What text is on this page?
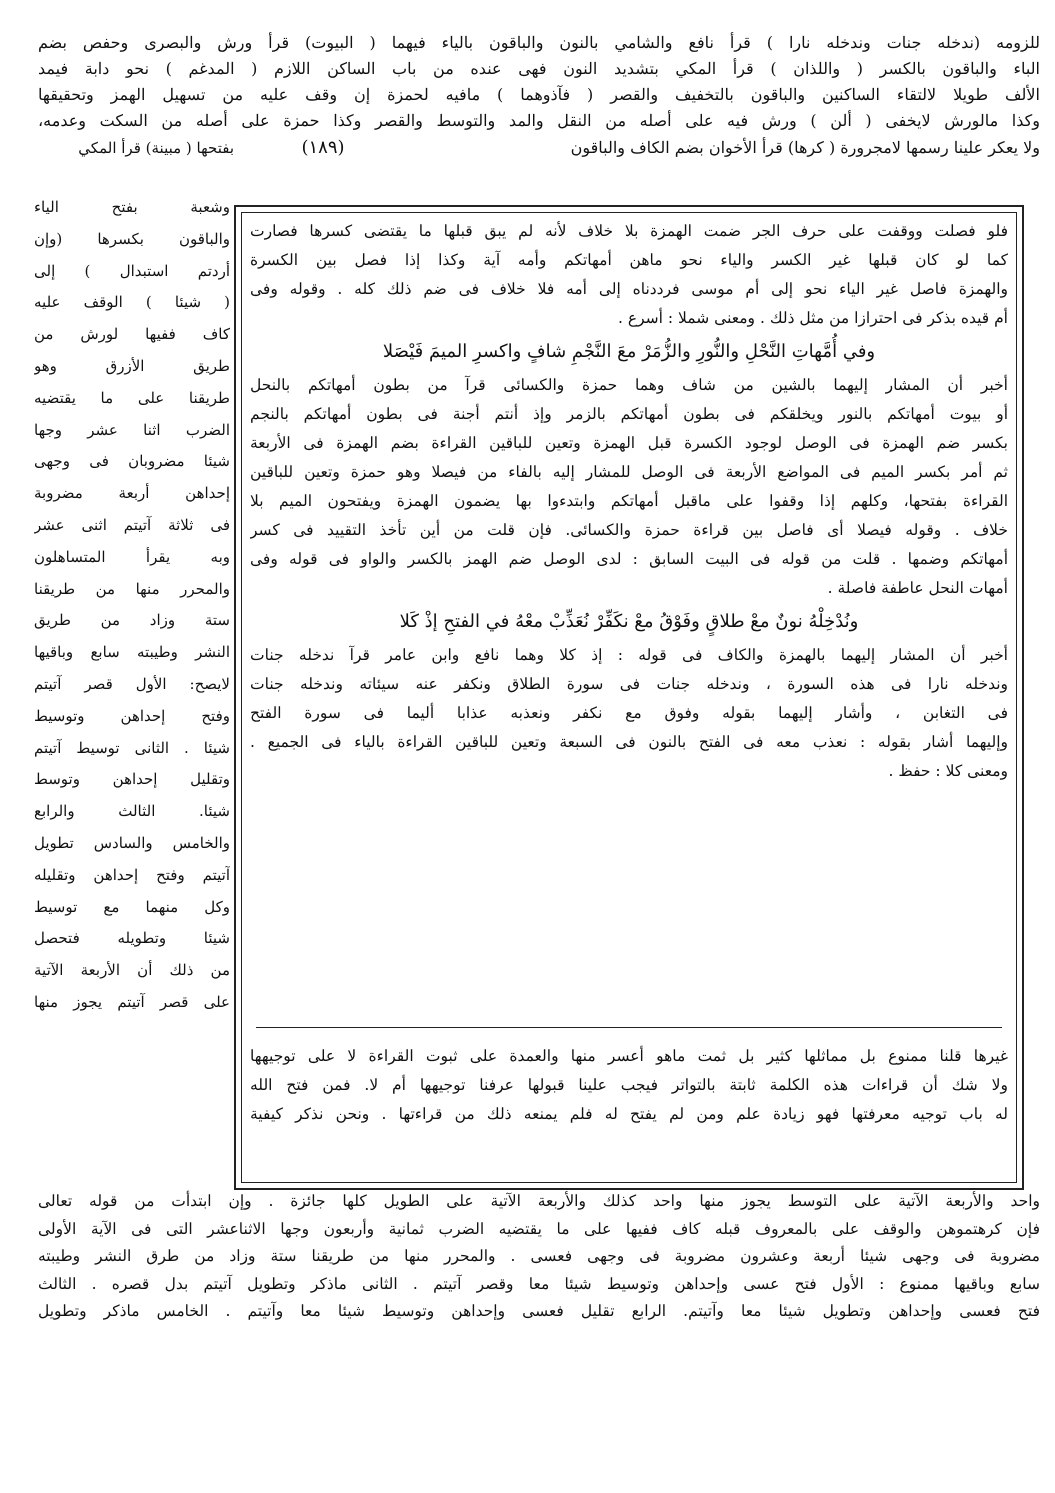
للزومه (ندخله جنات وندخله نارا ) قرأ نافع والشامي بالنون والباقون بالياء فيهما ( البيوت) قرأ ورش والبصرى وحفص بضم
الباء والباقون بالكسر ( واللذان ) قرأ المكي بتشديد النون فهى عنده من باب الساكن اللازم ( المدغم ) نحو دابة فيمد
الألف طويلا لالتقاء الساكنين والباقون بالتخفيف والقصر ( فآذوهما ) مافيه لحمزة إن وقف عليه من تسهيل الهمز وتحقيقها
وكذا مالورش لايخفى ( ألن ) ورش فيه على أصله من النقل والمد والتوسط والقصر وكذا حمزة على أصله من السكت وعدمه،
ولا يعكر علينا رسمها لامجرورة ( كرها) قرأ الأخوان بضم الكاف والباقون
(١٨٩)
بفتحها ( مبينة) قرأ المكي
وشعبة بفتح الياء
والباقون بكسرها (وإن
أردتم استبدال ) إلى
( شيئا ) الوقف عليه
كاف ففيها لورش من
طريق الأزرق وهو
طريقنا على ما يقتضيه
الضرب اثنا عشر وجها
شيئا مضروبان فى وجهى
إحداهن أربعة مضروبة
فى ثلاثة آتيتم اثنى عشر
وبه يقرأ المتساهلون
والمحرر منها من طريقنا
ستة وزاد من طريق
النشر وطيبته سابع وباقيها
لايصح: الأول قصر آتيتم
وفتح إحداهن وتوسيط
شيئا . الثانى توسيط آتيتم
وتقليل إحداهن وتوسط
شيئا. الثالث والرابع
والخامس والسادس تطويل
آتيتم وفتح إحداهن وتقليله
وكل منهما مع توسيط
شيئا وتطويله فتحصل
من ذلك أن الأربعة الآتية
على قصر آتيتم يجوز منها
فلو فصلت ووقفت على حرف الجر ضمت الهمزة بلا خلاف لأنه لم يبق قبلها ما يقتضى كسرها فصارت
كما لو كان قبلها غير الكسر والياء نحو ماهن أمهاتكم وأمه آية وكذا إذا فصل بين الكسرة
والهمزة فاصل غير الياء نحو إلى أم موسى فرددناه إلى أمه فلا خلاف فى ضم ذلك كله . وقوله وفى
أم قيده بذكر فى احترازا من مثل ذلك . ومعنى شملا : أسرع .
وفي أُمَّهاتِ النَّحْلِ والنُّورِ والزُّمَرْ معَ النَّجْمِ شافٍ واكسرِ الميمَ فَيْصَلا
أخبر أن المشار إليهما بالشين من شاف وهما حمزة والكسائى قرآ من بطون أمهاتكم بالنحل
أو بيوت أمهاتكم بالنور ويخلقكم فى بطون أمهاتكم بالزمر وإذ أنتم أجنة فى بطون أمهاتكم بالنجم
بكسر ضم الهمزة فى الوصل لوجود الكسرة قبل الهمزة وتعين للباقين القراءة بضم الهمزة فى الأربعة
ثم أمر بكسر الميم فى المواضع الأربعة فى الوصل للمشار إليه بالفاء من فيصلا وهو حمزة وتعين للباقين
القراءة بفتحها، وكلهم إذا وقفوا على ماقبل أمهاتكم وابتدءوا بها يضمون الهمزة ويفتحون الميم بلا
خلاف . وقوله فيصلا أى فاصل بين قراءة حمزة والكسائى. فإن قلت من أين تأخذ التقييد فى كسر
أمهاتكم وضمها . قلت من قوله فى البيت السابق : لدى الوصل ضم الهمز بالكسر والواو فى قوله وفى
أمهات النحل عاطفة فاصلة .
ونُدْخِلْهُ نونٌ معْ طلاقٍ وفَوْقُ معْ نكَفِّرْ نُعَذِّبْ معْهُ في الفتحِ إذْ كَلا
أخبر أن المشار إليهما بالهمزة والكاف فى قوله : إذ كلا وهما نافع وابن عامر قرآ ندخله جنات
وندخله نارا فى هذه السورة ، وندخله جنات فى سورة الطلاق ونكفر عنه سيئاته وندخله جنات
فى التغابن ، وأشار إليهما بقوله وفوق مع نكفر ونعذبه عذابا أليما فى سورة الفتح
وإليهما أشار بقوله : نعذب معه فى الفتح بالنون فى السبعة وتعين للباقين القراءة بالياء فى الجميع .
ومعنى كلا : حفظ .
غيرها قلنا ممنوع بل مماثلها كثير بل ثمت ماهو أعسر منها والعمدة على ثبوت القراءة لا على توجيهها
ولا شك أن قراءات هذه الكلمة ثابتة بالتواتر فيجب علينا قبولها عرفنا توجيهها أم لا. فمن فتح الله
له باب توجيه معرفتها فهو زيادة علم ومن لم يفتح له فلم يمنعه ذلك من قراءتها . ونحن نذكر كيفية
واحد والأربعة الآتية على التوسط يجوز منها واحد كذلك والأربعة الآتية على الطويل كلها جائزة . وإن ابتدأت من قوله تعالى
فإن كرهتموهن والوقف على بالمعروف قبله كاف ففيها على ما يقتضيه الضرب ثمانية وأربعون وجها الاثناعشر التى فى الآية الأولى
مضروبة فى وجهى شيئا أربعة وعشرون مضروبة فى وجهى فعسى . والمحرر منها من طريقنا ستة وزاد من طرق النشر وطيبته
سابع وباقيها ممنوع : الأول فتح عسى وإحداهن وتوسيط شيئا معا وقصر آتيتم . الثانى ماذكر وتطويل آتيتم بدل قصره . الثالث
فتح فعسى وإحداهن وتطويل شيئا معا وآتيتم. الرابع تقليل فعسى وإحداهن وتوسيط شيئا معا وآتيتم . الخامس ماذكر وتطويل
